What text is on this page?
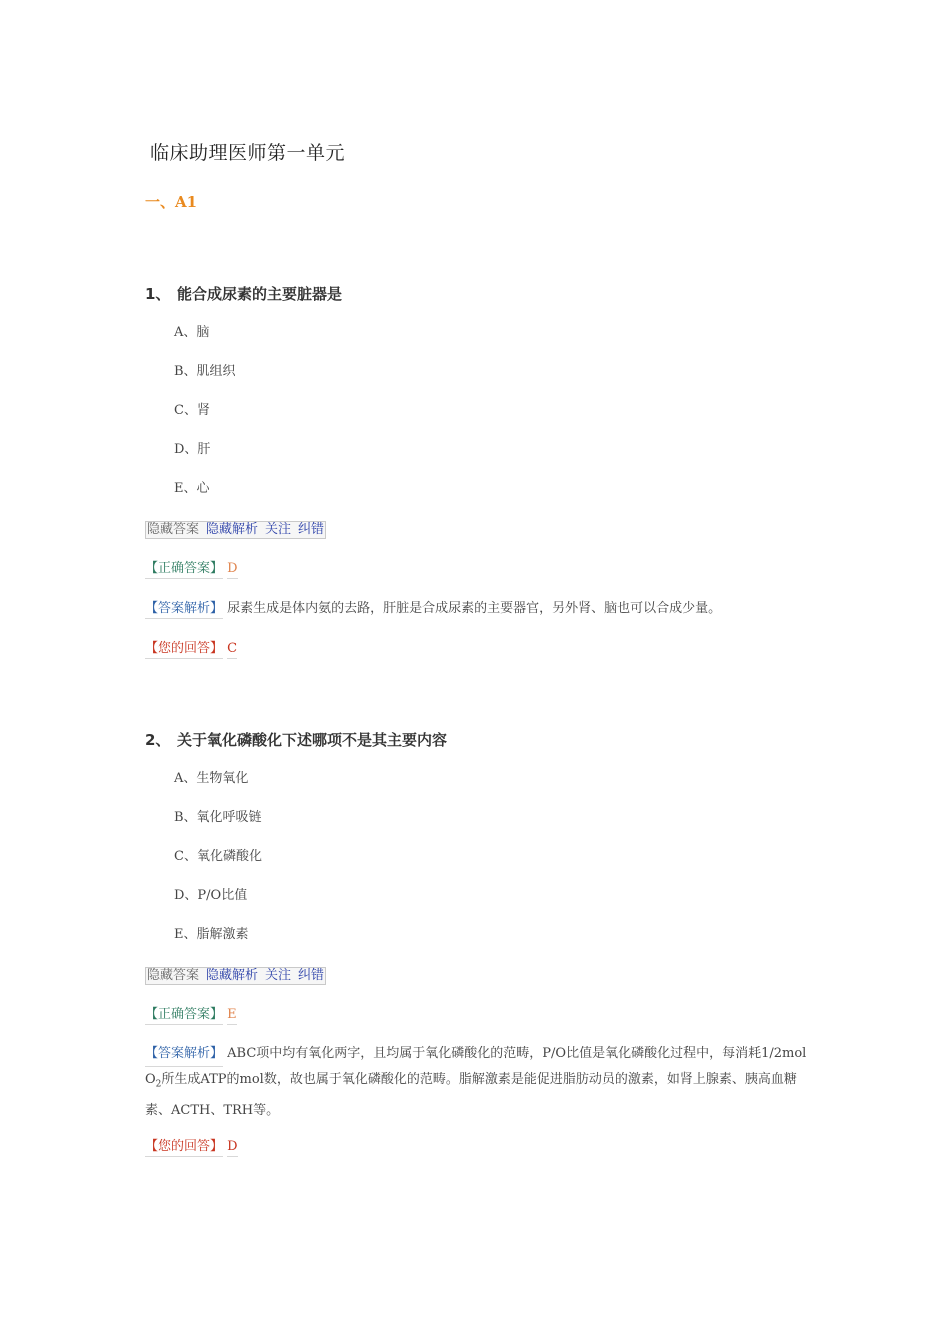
临床助理医师第一单元
一、A1
1、 能合成尿素的主要脏器是
A、脑
B、肌组织
C、肾
D、肝
E、心
隐藏答案 隐藏解析 关注 纠错
【正确答案】 D
【答案解析】 尿素生成是体内氨的去路，肝脏是合成尿素的主要器官，另外肾、脑也可以合成少量。
【您的回答】 C
2、 关于氧化磷酸化下述哪项不是其主要内容
A、生物氧化
B、氧化呼吸链
C、氧化磷酸化
D、P/O比值
E、脂解激素
隐藏答案 隐藏解析 关注 纠错
【正确答案】 E
【答案解析】 ABC项中均有氧化两字，且均属于氧化磷酸化的范畴，P/O比值是氧化磷酸化过程中，每消耗1/2mol $O_2$所生成ATP的mol数，故也属于氧化磷酸化的范畴。脂解激素是能促进脂肪动员的激素，如肾上腺素、胰高血糖素、ACTH、TRH等。
【您的回答】 D
